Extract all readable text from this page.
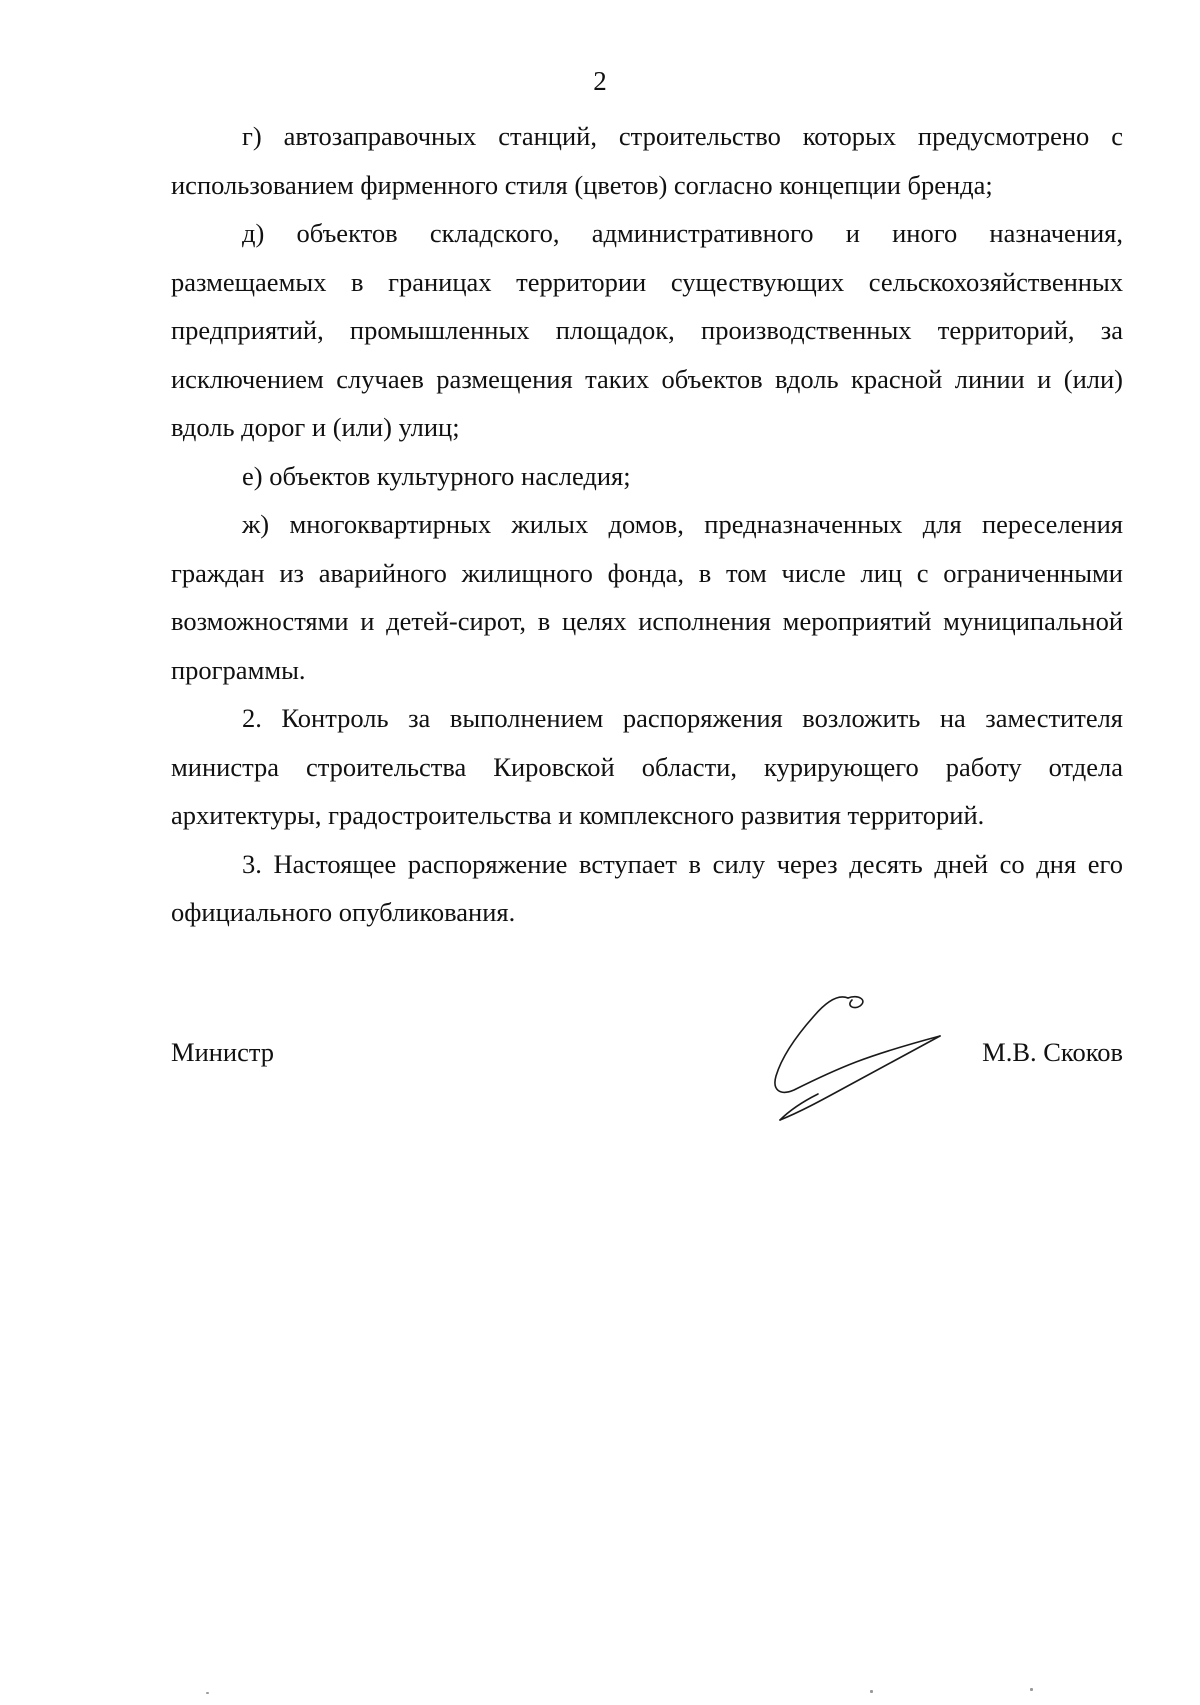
2

г) автозаправочных станций, строительство которых предусмотрено с использованием фирменного стиля (цветов) согласно концепции бренда;

д) объектов складского, административного и иного назначения, размещаемых в границах территории существующих сельскохозяйственных предприятий, промышленных площадок, производственных территорий, за исключением случаев размещения таких объектов вдоль красной линии и (или) вдоль дорог и (или) улиц;

е) объектов культурного наследия;

ж) многоквартирных жилых домов, предназначенных для переселения граждан из аварийного жилищного фонда, в том числе лиц с ограниченными возможностями и детей-сирот, в целях исполнения мероприятий муниципальной программы.

2. Контроль за выполнением распоряжения возложить на заместителя министра строительства Кировской области, курирующего работу отдела архитектуры, градостроительства и комплексного развития территорий.

3. Настоящее распоряжение вступает в силу через десять дней со дня его официального опубликования.

Министр	М.В. Скоков
